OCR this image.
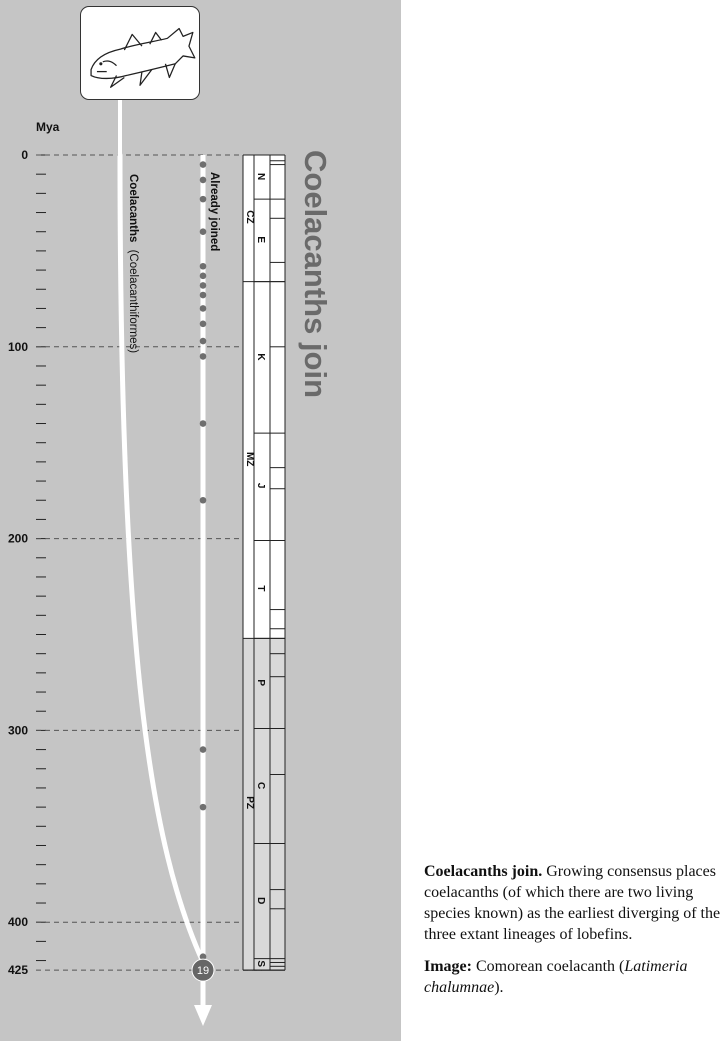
0
100
200
300
400
425
CZ
MZ
PZ
N
E
K
J
T
P
C
D
S
19
Mya
Coelacanths join
Coelacanths (Coelacanthiformes)
Already joined

Coelacanths join. Growing consensus places coelacanths (of which there are two living species known) as the earliest diverging of the three extant lineages of lobefins.

Image: Comorean coelacanth (Latimeria chalumnae).
